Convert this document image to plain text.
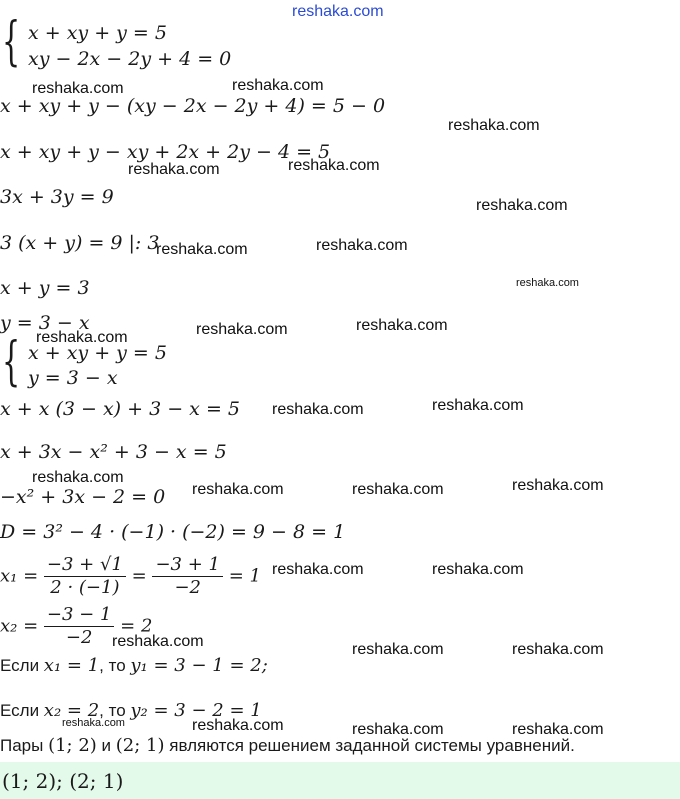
reshaka.com
{ x + xy + y = 5
xy − 2x − 2y + 4 = 0
x + xy + y − (xy − 2x − 2y + 4) = 5 − 0
x + xy + y − xy + 2x + 2y − 4 = 5
3x + 3y = 9
3 (x + y) = 9 |: 3
x + y = 3
y = 3 − x
{ x + xy + y = 5
y = 3 − x
x + x (3 − x) + 3 − x = 5
x + 3x − x² + 3 − x = 5
−x² + 3x − 2 = 0
D = 3² − 4 · (−1) · (−2) = 9 − 8 = 1
$x_1 = \frac{-3 + √1}{2 \cdot (-1)} = \frac{-3 + 1}{-2} = 1$
$x_2 = \frac{-3 - 1}{-2} = 2$
Если x₁ = 1, то y₁ = 3 − 1 = 2;
Если x₂ = 2, то y₂ = 3 − 2 = 1
Пары (1; 2) и (2; 1) являются решением заданной системы уравнений.
(1; 2); (2; 1)
reshaka.com	reshaka.com
reshaka.com
reshaka.com	reshaka.com
reshaka.com
reshaka.com	reshaka.com
reshaka.com
reshaka.com	reshaka.com	reshaka.com
reshaka.com	reshaka.com
reshaka.com
reshaka.com	reshaka.com	reshaka.com
reshaka.com	reshaka.com
reshaka.com	reshaka.com	reshaka.com
reshaka.com	reshaka.com	reshaka.com	reshaka.com
